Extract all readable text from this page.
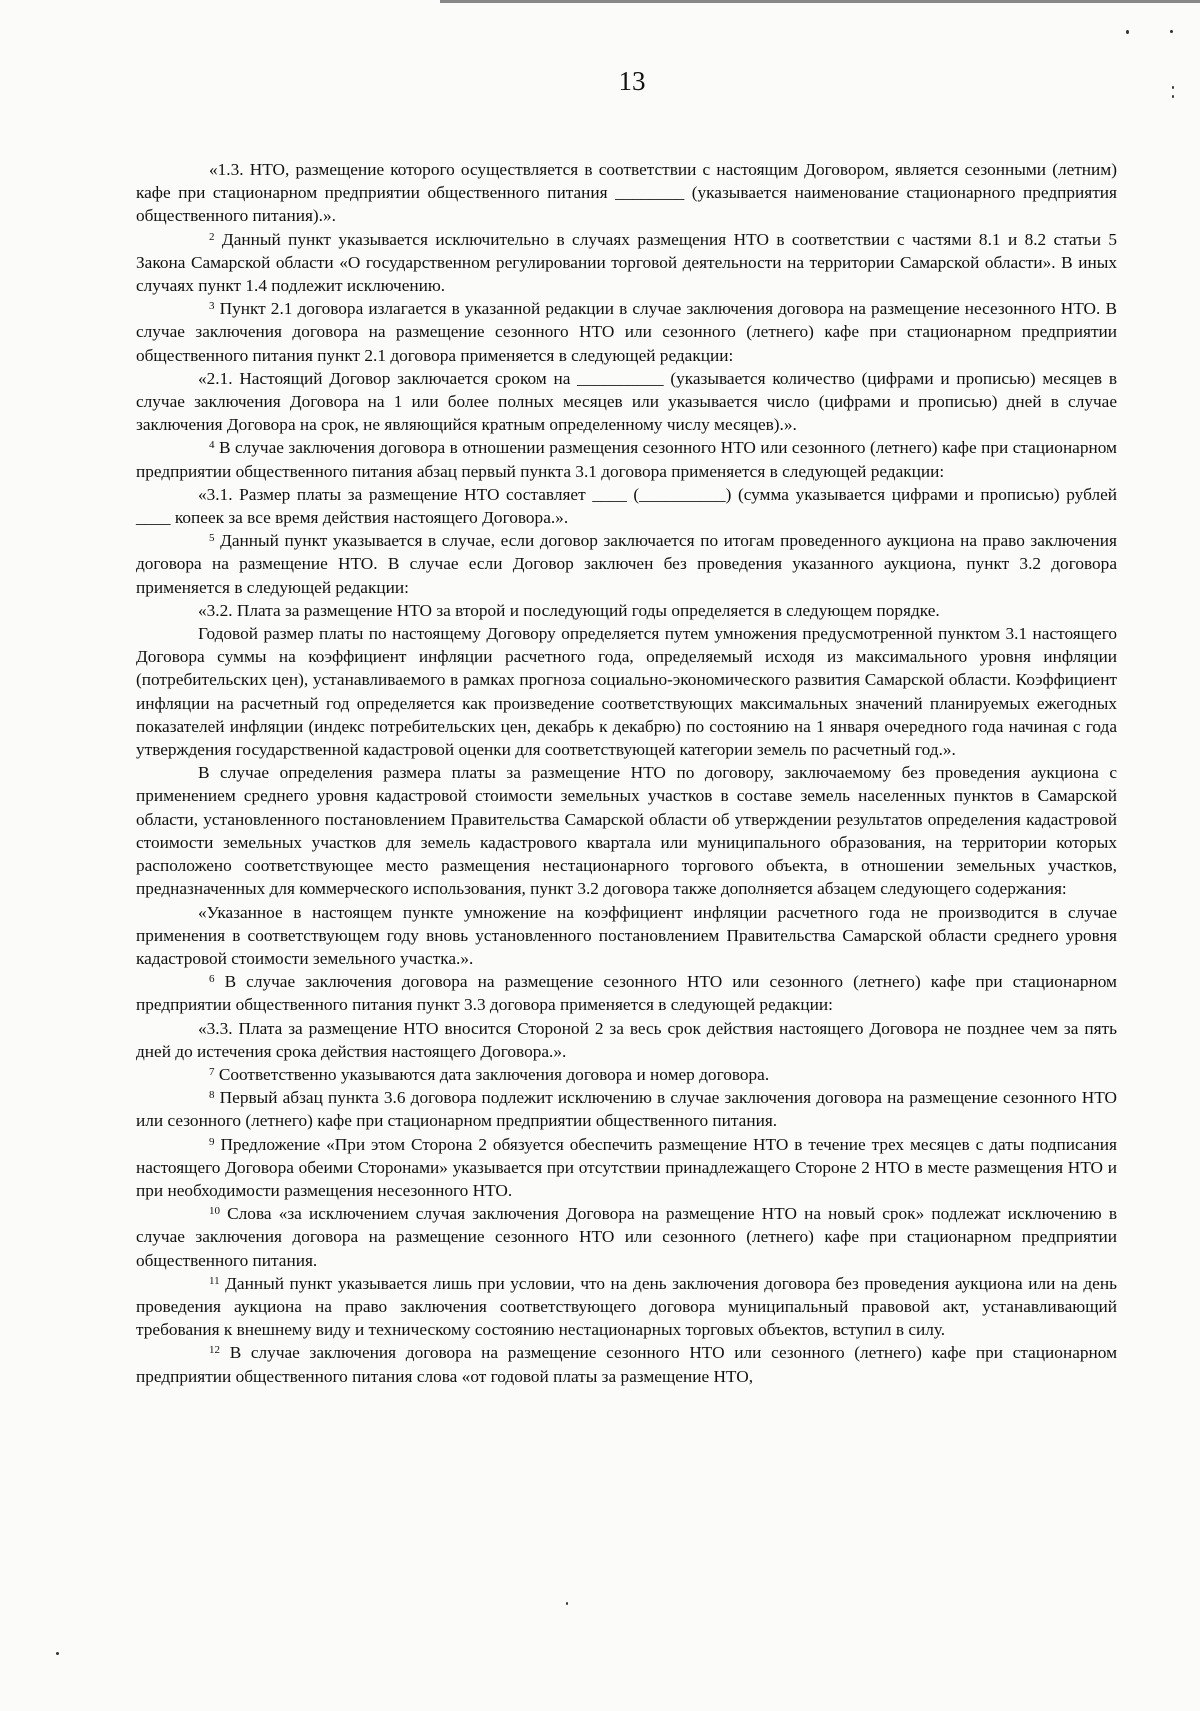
13

«1.3. НТО, размещение которого осуществляется в соответствии с настоящим Договором, является сезонными (летним) кафе при стационарном предприятии общественного питания ________ (указывается наименование стационарного предприятия общественного питания).».

$^2$ Данный пункт указывается исключительно в случаях размещения НТО в соответствии с частями 8.1 и 8.2 статьи 5 Закона Самарской области «О государственном регулировании торговой деятельности на территории Самарской области». В иных случаях пункт 1.4 подлежит исключению.

$^3$ Пункт 2.1 договора излагается в указанной редакции в случае заключения договора на размещение несезонного НТО. В случае заключения договора на размещение сезонного НТО или сезонного (летнего) кафе при стационарном предприятии общественного питания пункт 2.1 договора применяется в следующей редакции:

«2.1. Настоящий Договор заключается сроком на __________ (указывается количество (цифрами и прописью) месяцев в случае заключения Договора на 1 или более полных месяцев или указывается число (цифрами и прописью) дней в случае заключения Договора на срок, не являющийся кратным определенному числу месяцев).».

$^4$ В случае заключения договора в отношении размещения сезонного НТО или сезонного (летнего) кафе при стационарном предприятии общественного питания абзац первый пункта 3.1 договора применяется в следующей редакции:

«3.1. Размер платы за размещение НТО составляет ____ (__________) (сумма указывается цифрами и прописью) рублей ____ копеек за все время действия настоящего Договора.».

$^5$ Данный пункт указывается в случае, если договор заключается по итогам проведенного аукциона на право заключения договора на размещение НТО. В случае если Договор заключен без проведения указанного аукциона, пункт 3.2 договора применяется в следующей редакции:

«3.2. Плата за размещение НТО за второй и последующий годы определяется в следующем порядке.

Годовой размер платы по настоящему Договору определяется путем умножения предусмотренной пунктом 3.1 настоящего Договора суммы на коэффициент инфляции расчетного года, определяемый исходя из максимального уровня инфляции (потребительских цен), устанавливаемого в рамках прогноза социально-экономического развития Самарской области. Коэффициент инфляции на расчетный год определяется как произведение соответствующих максимальных значений планируемых ежегодных показателей инфляции (индекс потребительских цен, декабрь к декабрю) по состоянию на 1 января очередного года начиная с года утверждения государственной кадастровой оценки для соответствующей категории земель по расчетный год.».

В случае определения размера платы за размещение НТО по договору, заключаемому без проведения аукциона с применением среднего уровня кадастровой стоимости земельных участков в составе земель населенных пунктов в Самарской области, установленного постановлением Правительства Самарской области об утверждении результатов определения кадастровой стоимости земельных участков для земель кадастрового квартала или муниципального образования, на территории которых расположено соответствующее место размещения нестационарного торгового объекта, в отношении земельных участков, предназначенных для коммерческого использования, пункт 3.2 договора также дополняется абзацем следующего содержания:

«Указанное в настоящем пункте умножение на коэффициент инфляции расчетного года не производится в случае применения в соответствующем году вновь установленного постановлением Правительства Самарской области среднего уровня кадастровой стоимости земельного участка.».

$^6$ В случае заключения договора на размещение сезонного НТО или сезонного (летнего) кафе при стационарном предприятии общественного питания пункт 3.3 договора применяется в следующей редакции:

«3.3. Плата за размещение НТО вносится Стороной 2 за весь срок действия настоящего Договора не позднее чем за пять дней до истечения срока действия настоящего Договора.».

$^7$ Соответственно указываются дата заключения договора и номер договора.

$^8$ Первый абзац пункта 3.6 договора подлежит исключению в случае заключения договора на размещение сезонного НТО или сезонного (летнего) кафе при стационарном предприятии общественного питания.

$^9$ Предложение «При этом Сторона 2 обязуется обеспечить размещение НТО в течение трех месяцев с даты подписания настоящего Договора обеими Сторонами» указывается при отсутствии принадлежащего Стороне 2 НТО в месте размещения НТО и при необходимости размещения несезонного НТО.

$^{10}$ Слова «за исключением случая заключения Договора на размещение НТО на новый срок» подлежат исключению в случае заключения договора на размещение сезонного НТО или сезонного (летнего) кафе при стационарном предприятии общественного питания.

$^{11}$ Данный пункт указывается лишь при условии, что на день заключения договора без проведения аукциона или на день проведения аукциона на право заключения соответствующего договора муниципальный правовой акт, устанавливающий требования к внешнему виду и техническому состоянию нестационарных торговых объектов, вступил в силу.

$^{12}$ В случае заключения договора на размещение сезонного НТО или сезонного (летнего) кафе при стационарном предприятии общественного питания слова «от годовой платы за размещение НТО,
